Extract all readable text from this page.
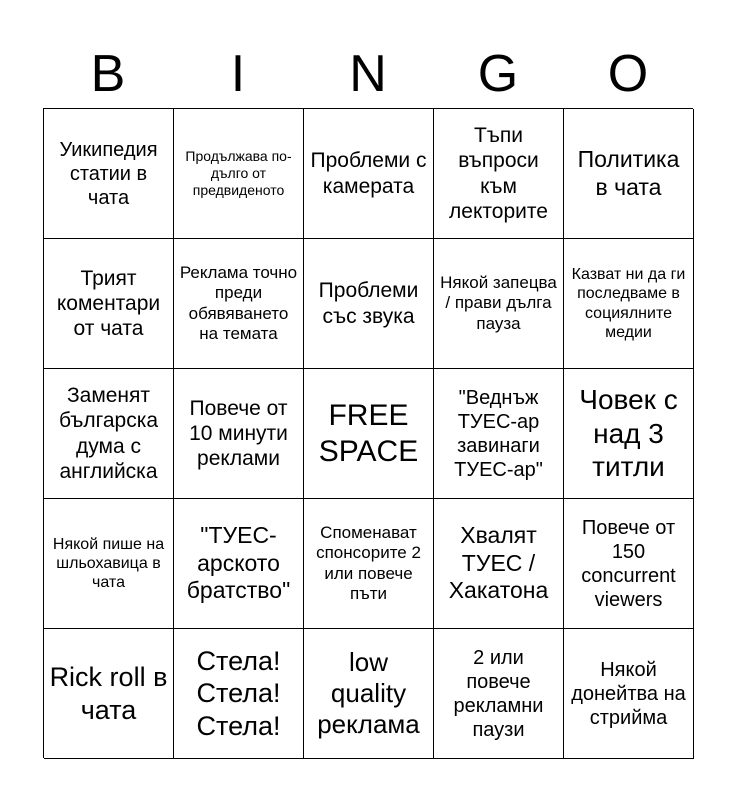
B	I	N	G	O
Уикипедия статии в чата
Продължава по-дълго от предвиденото
Проблеми с камерата
Тъпи въпроси към лекторите
Политика в чата
Трият коментари от чата
Реклама точно преди обявяването на темата
Проблеми със звука
Някой запецва / прави дълга пауза
Казват ни да ги последваме в социялните медии
Заменят българска дума с английска
Повече от 10 минути реклами
FREE SPACE
"Веднъж ТУЕС-ар завинаги ТУЕС-ар"
Човек с над 3 титли
Някой пише на шльохавица в чата
"ТУЕС-арското братство"
Споменават спонсорите 2 или повече пъти
Хвалят ТУЕС / Хакатона
Повече от 150 concurrent viewers
Rick roll в чата
Стела! Стела! Стела!
low quality реклама
2 или повече рекламни паузи
Някой донейтва на стрийма
